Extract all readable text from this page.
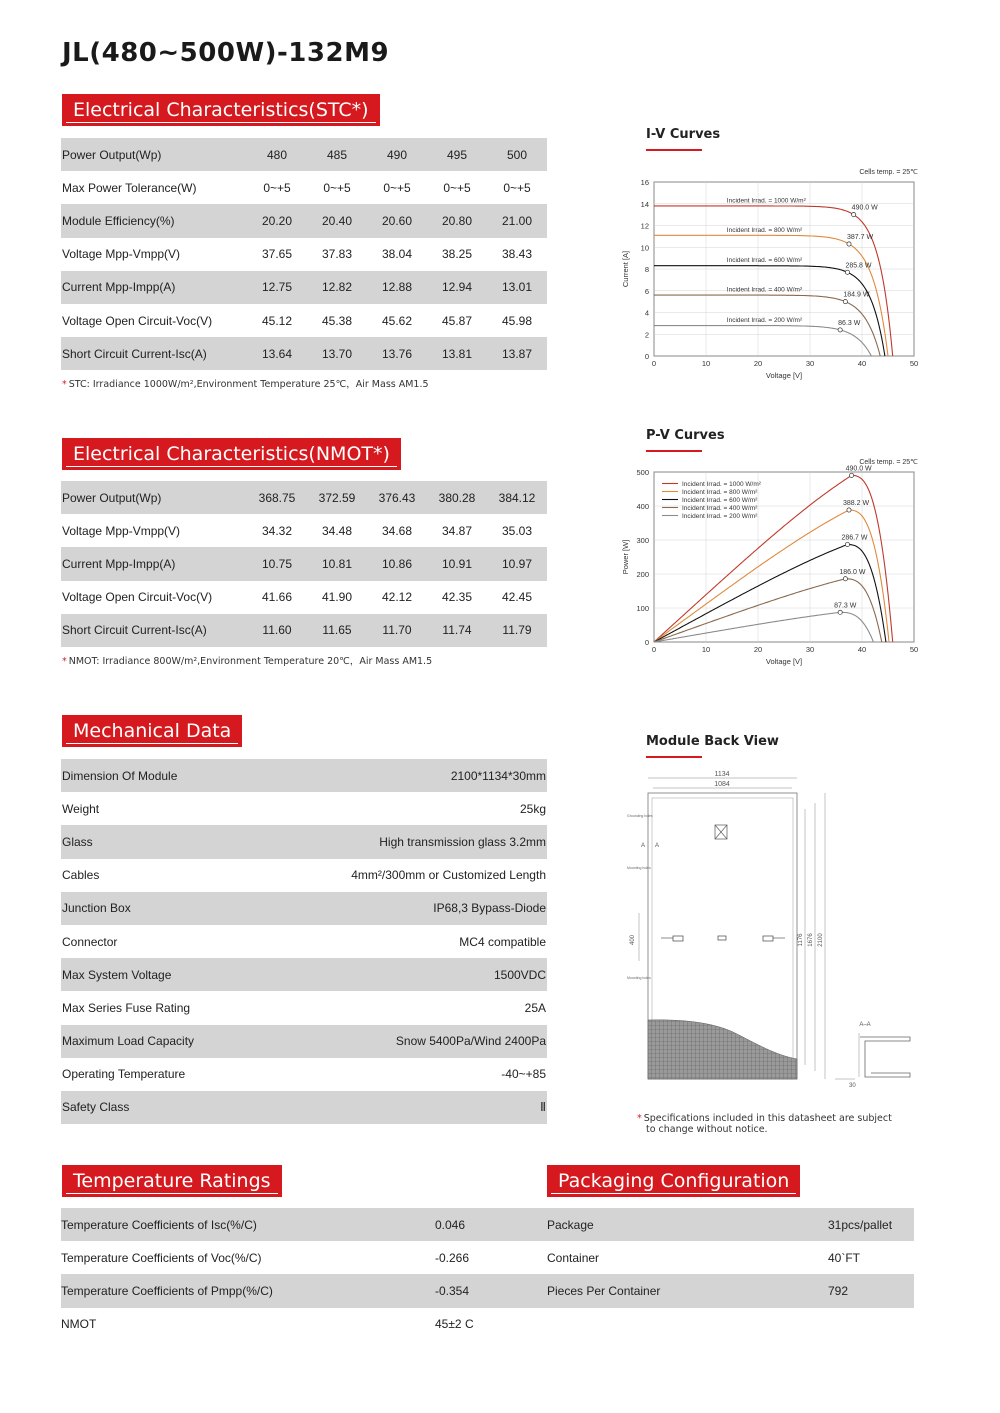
JL(480~500W)-132M9
Electrical Characteristics(STC*)
Power Output(Wp)	480	485	490	495	500
Max Power Tolerance(W)	0~+5	0~+5	0~+5	0~+5	0~+5
Module Efficiency(%)	20.20	20.40	20.60	20.80	21.00
Voltage Mpp-Vmpp(V)	37.65	37.83	38.04	38.25	38.43
Current Mpp-Impp(A)	12.75	12.82	12.88	12.94	13.01
Voltage Open Circuit-Voc(V)	45.12	45.38	45.62	45.87	45.98
Short Circuit Current-Isc(A)	13.64	13.70	13.76	13.81	13.87
* STC: Irradiance 1000W/m²,Environment Temperature 25℃，Air Mass AM1.5
Electrical Characteristics(NMOT*)
Power Output(Wp)	368.75	372.59	376.43	380.28	384.12
Voltage Mpp-Vmpp(V)	34.32	34.48	34.68	34.87	35.03
Current Mpp-Impp(A)	10.75	10.81	10.86	10.91	10.97
Voltage Open Circuit-Voc(V)	41.66	41.90	42.12	42.35	42.45
Short Circuit Current-Isc(A)	11.60	11.65	11.70	11.74	11.79
* NMOT: Irradiance 800W/m²,Environment Temperature 20℃，Air Mass AM1.5
Mechanical Data
Dimension Of Module	2100*1134*30mm
Weight	25kg
Glass	High transmission glass 3.2mm
Cables	4mm²/300mm or Customized Length
Junction Box	IP68,3 Bypass-Diode
Connector	MC4 compatible
Max System Voltage	1500VDC
Max Series Fuse Rating	25A
Maximum Load Capacity	Snow 5400Pa/Wind 2400Pa
Operating Temperature	-40~+85
Safety Class	Ⅱ
Temperature Ratings
Temperature Coefficients of Isc(%/C)	0.046
Temperature Coefficients of Voc(%/C)	-0.266
Temperature Coefficients of Pmpp(%/C)	-0.354
NMOT	45±2 C
Packaging Configuration
Package	31pcs/pallet
Container	40`FT
Pieces Per Container	792
I-V Curves
0
2
4
6
8
10
12
14
16
0	10	20	30	40	50
Voltage [V]
Current [A]
Cells temp. = 25℃
490.0 W
Incident Irrad. = 1000 W/m²
387.7 W
Incident Irrad. = 800 W/m²
285.8 W
Incident Irrad. = 600 W/m²
184.9 W
Incident Irrad. = 400 W/m²
86.3 W
Incident Irrad. = 200 W/m²
P-V Curves
0
100
200
300
400
500
0	10	20	30	40	50
Voltage [V]
Power [W]
Cells temp. = 25℃
490.0 W
Incident Irrad. = 1000 W/m²
388.2 W
Incident Irrad. = 800 W/m²
286.7 W
Incident Irrad. = 600 W/m²
186.0 W
Incident Irrad. = 400 W/m²
87.3 W
Incident Irrad. = 200 W/m²
Module Back View
1134
1084
A A
Grounding holes
Mounting holes
Mounting holes
400	1176 1676 2100
A–A
30
* Specifications included in this datasheet are subject
to change without notice.
